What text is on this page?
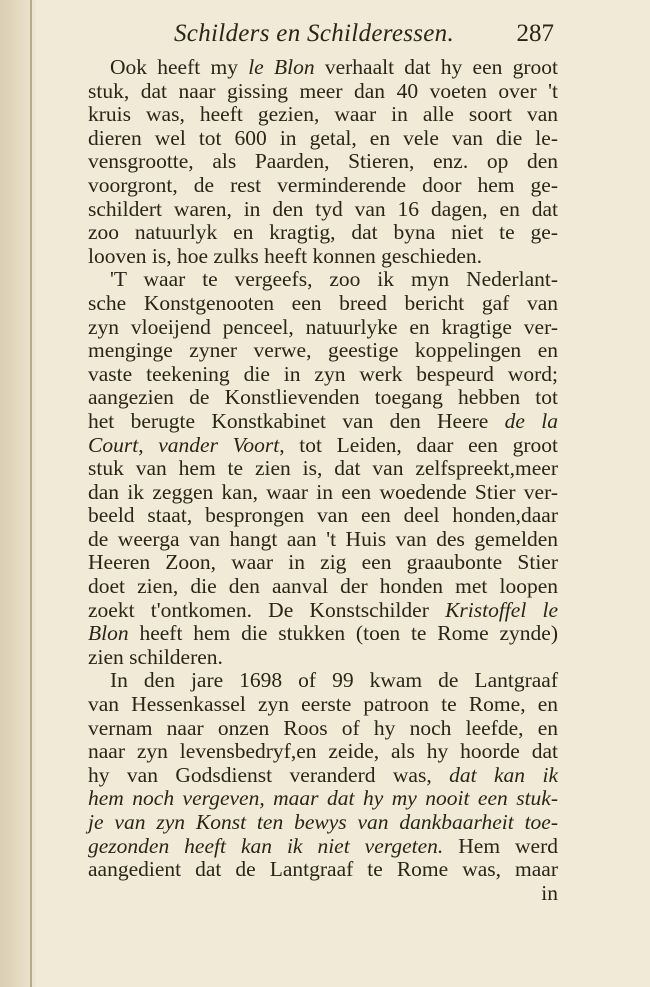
Schilders en Schilderessen. 287
Ook heeft my le Blon verhaalt dat hy een groot
stuk, dat naar gissing meer dan 40 voeten over 't
kruis was, heeft gezien, waar in alle soort van
dieren wel tot 600 in getal, en vele van die le-
vensgrootte, als Paarden, Stieren, enz. op den
voorgront, de rest verminderende door hem ge-
schildert waren, in den tyd van 16 dagen, en dat
zoo natuurlyk en kragtig, dat byna niet te ge-
looven is, hoe zulks heeft konnen geschieden.
'T waar te vergeefs, zoo ik myn Nederlant-
sche Konstgenooten een breed bericht gaf van
zyn vloeijend penceel, natuurlyke en kragtige ver-
menginge zyner verwe, geestige koppelingen en
vaste teekening die in zyn werk bespeurd word;
aangezien de Konstlievenden toegang hebben tot
het berugte Konstkabinet van den Heere de la
Court, vander Voort, tot Leiden, daar een groot
stuk van hem te zien is, dat van zelfspreekt,meer
dan ik zeggen kan, waar in een woedende Stier ver-
beeld staat, besprongen van een deel honden,daar
de weerga van hangt aan 't Huis van des gemelden
Heeren Zoon, waar in zig een graaubonte Stier
doet zien, die den aanval der honden met loopen
zoekt t'ontkomen. De Konstschilder Kristoffel le
Blon heeft hem die stukken (toen te Rome zynde)
zien schilderen.
In den jare 1698 of 99 kwam de Lantgraaf
van Hessenkassel zyn eerste patroon te Rome, en
vernam naar onzen Roos of hy noch leefde, en
naar zyn levensbedryf,en zeide, als hy hoorde dat
hy van Godsdienst veranderd was, dat kan ik
hem noch vergeven, maar dat hy my nooit een stuk-
je van zyn Konst ten bewys van dankbaarheit toe-
gezonden heeft kan ik niet vergeten. Hem werd
aangedient dat de Lantgraaf te Rome was, maar
in
